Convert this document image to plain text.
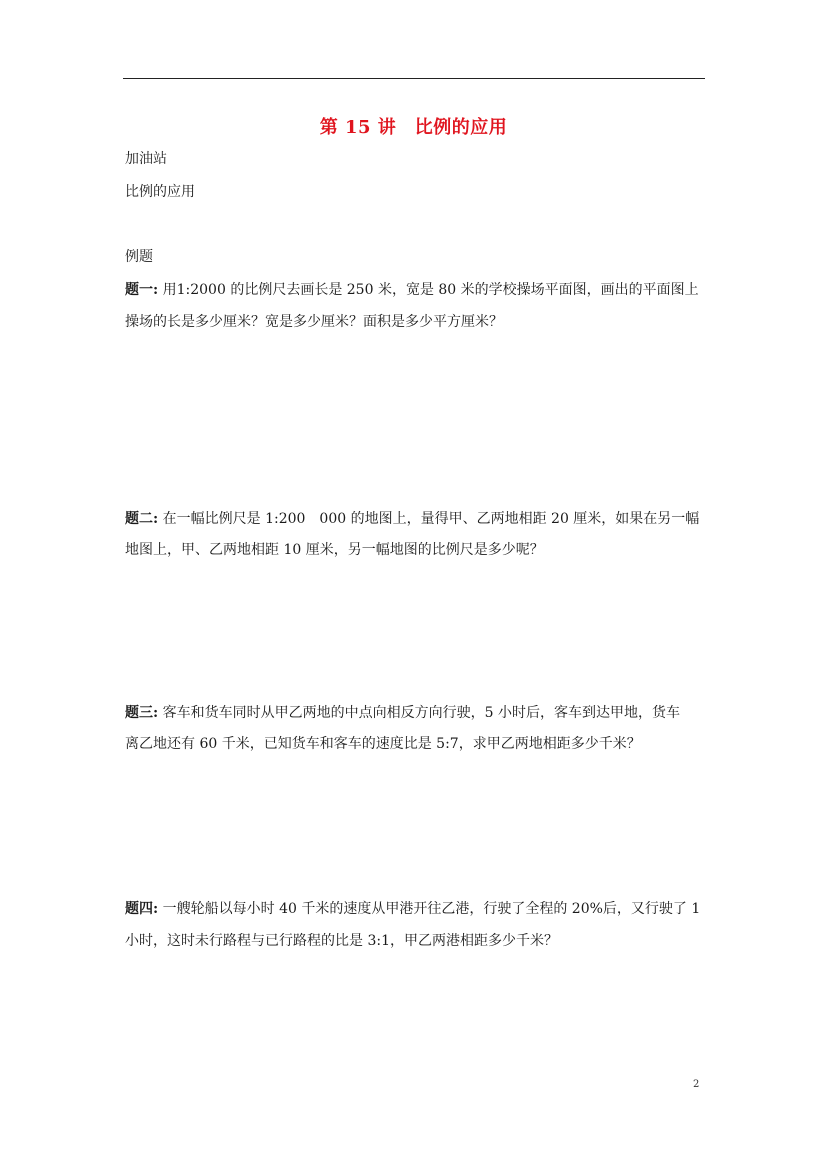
第 15 讲　比例的应用
加油站
比例的应用
例题
题一: 用1:2000 的比例尺去画长是 250 米，宽是 80 米的学校操场平面图，画出的平面图上
操场的长是多少厘米？宽是多少厘米？面积是多少平方厘米？
题二: 在一幅比例尺是 1:200　000 的地图上，量得甲、乙两地相距 20 厘米，如果在另一幅
地图上，甲、乙两地相距 10 厘米，另一幅地图的比例尺是多少呢？
题三: 客车和货车同时从甲乙两地的中点向相反方向行驶，5 小时后，客车到达甲地，货车
离乙地还有 60 千米，已知货车和客车的速度比是 5:7，求甲乙两地相距多少千米？
题四: 一艘轮船以每小时 40 千米的速度从甲港开往乙港，行驶了全程的 20%后，又行驶了 1
小时，这时未行路程与已行路程的比是 3:1，甲乙两港相距多少千米？
2
